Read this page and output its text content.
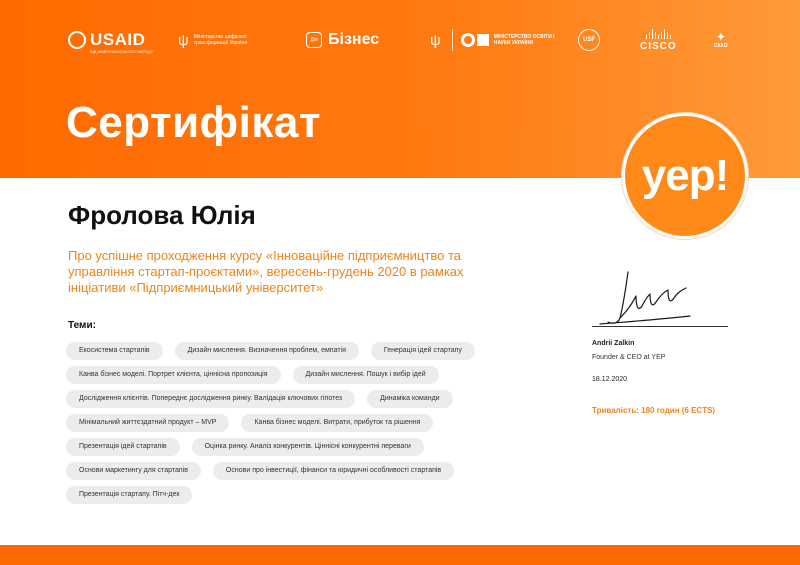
USAID
ВІД АМЕРИКАНСЬКОГО НАРОДУ
ψ Міністерство цифрової трансформації України	Дія Бізнес	ψ	МІНІСТЕРСТВО ОСВІТИ І НАУКИ УКРАЇНИ	USF
CISCO
✦
СККО
Сертифікат
yep!
Фролова Юлія

Про успішне проходження курсу «Інноваційне підприємництво та управління стартап-проєктами», вересень-грудень 2020 в рамках ініціативи «Підприємницький університет»

Теми:
Екосистема стартапів	Дизайн мислення. Визначення проблем, емпатія	Генерація ідей стартапу
Канва бізнес моделі. Портрет клієнта, ціннісна пропозиція	Дизайн мислення. Пошук і вибір ідей
Дослідження клієнтів. Попереднє дослідження ринку. Валідація ключових гіпотез	Динаміка команди
Мінімальний життєздатний продукт – MVP	Канва бізнес моделі. Витрати, прибуток та рішення
Презентація ідей стартапів	Оцінка ринку. Аналіз конкурентів. Ціннісні конкурентні переваги
Основи маркетингу для стартапів	Основи про інвестиції, фінанси та юридичні особливості стартапів
Презентація стартапу. Пітч-дек
Andrii Zalkin
Founder & CEO at YEP
18.12.2020
Тривалість: 180 годин (6 ECTS)
